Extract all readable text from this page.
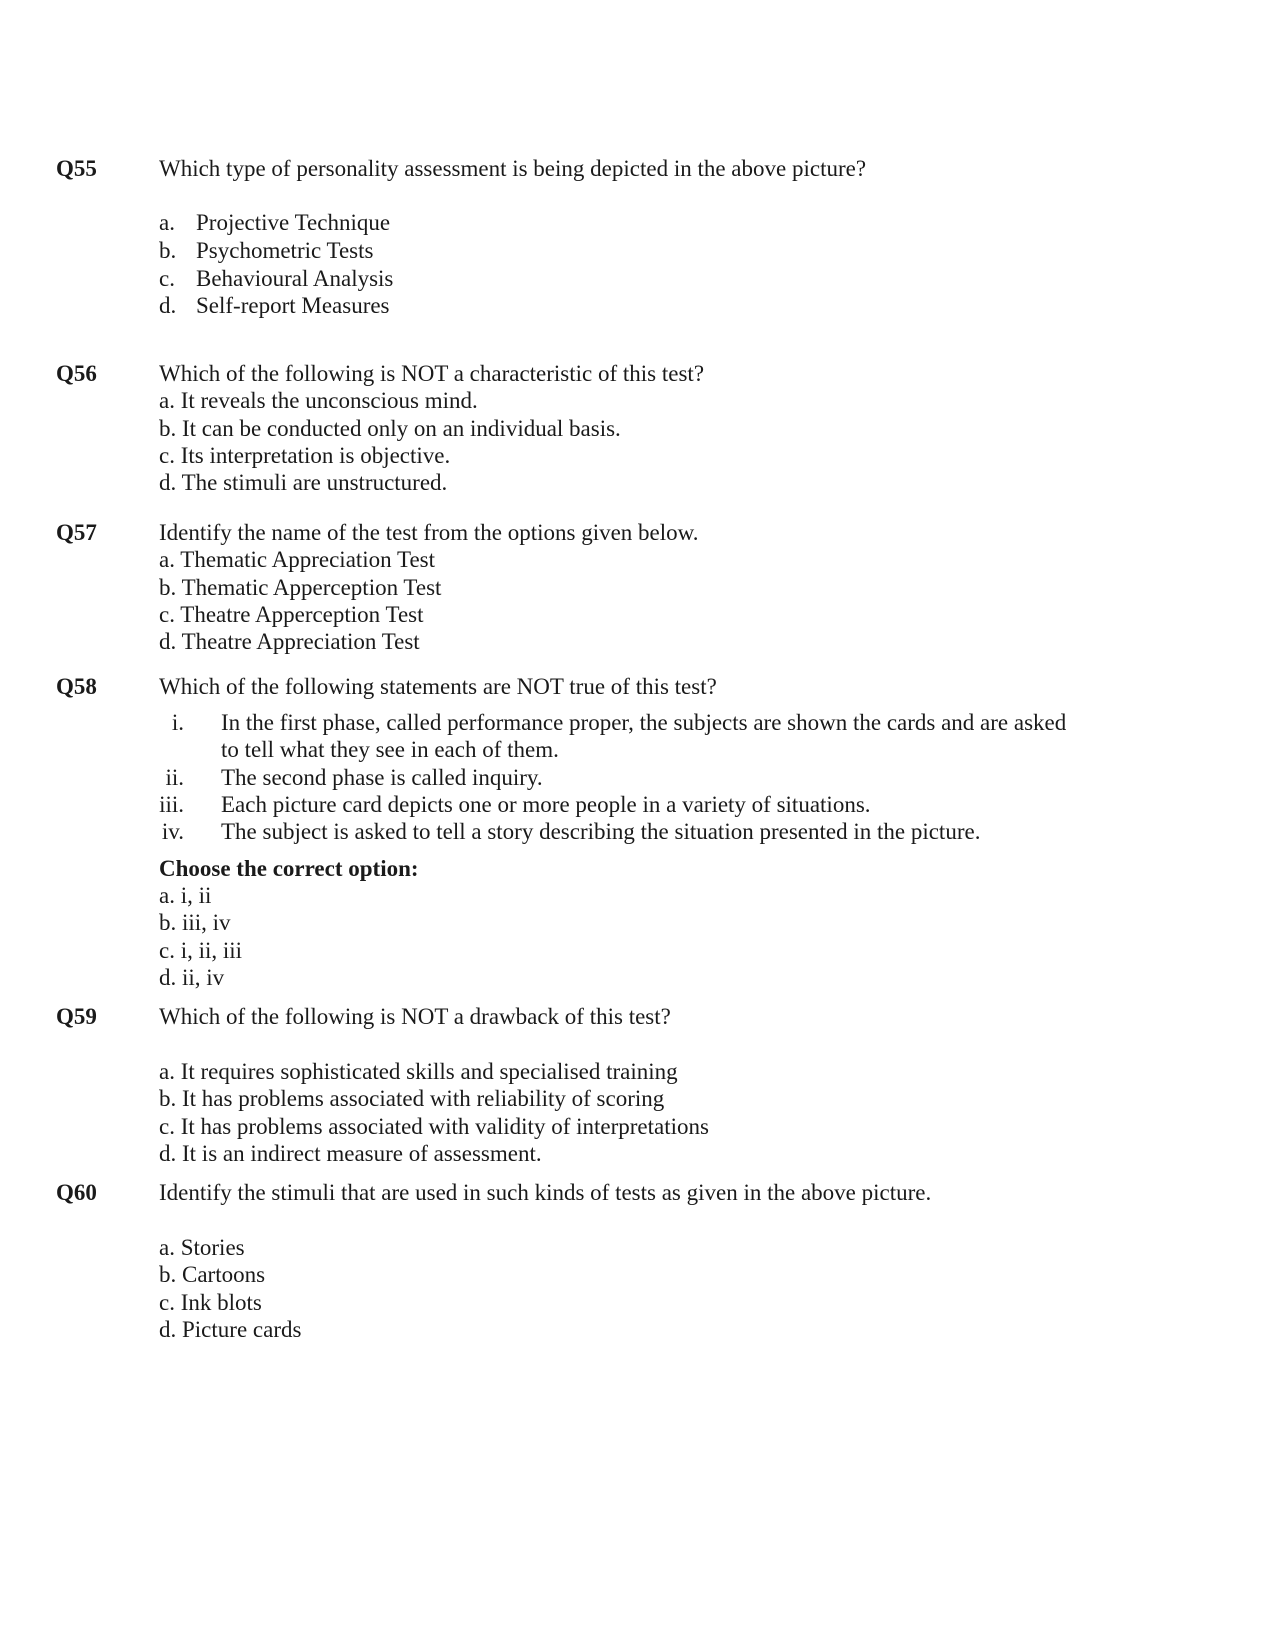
Q55	Which type of personality assessment is being depicted in the above picture?
a. Projective Technique
b. Psychometric Tests
c. Behavioural Analysis
d. Self-report Measures
Q56	Which of the following is NOT a characteristic of this test?
a. It reveals the unconscious mind.
b. It can be conducted only on an individual basis.
c. Its interpretation is objective.
d. The stimuli are unstructured.
Q57	Identify the name of the test from the options given below.
a. Thematic Appreciation Test
b. Thematic Apperception Test
c. Theatre Apperception Test
d. Theatre Appreciation Test
Q58	Which of the following statements are NOT true of this test?
i. In the first phase, called performance proper, the subjects are shown the cards and are asked
to tell what they see in each of them.
ii. The second phase is called inquiry.
iii. Each picture card depicts one or more people in a variety of situations.
iv. The subject is asked to tell a story describing the situation presented in the picture.
Choose the correct option:
a. i, ii
b. iii, iv
c. i, ii, iii
d. ii, iv
Q59	Which of the following is NOT a drawback of this test?
a. It requires sophisticated skills and specialised training
b. It has problems associated with reliability of scoring
c. It has problems associated with validity of interpretations
d. It is an indirect measure of assessment.
Q60	Identify the stimuli that are used in such kinds of tests as given in the above picture.
a. Stories
b. Cartoons
c. Ink blots
d. Picture cards
